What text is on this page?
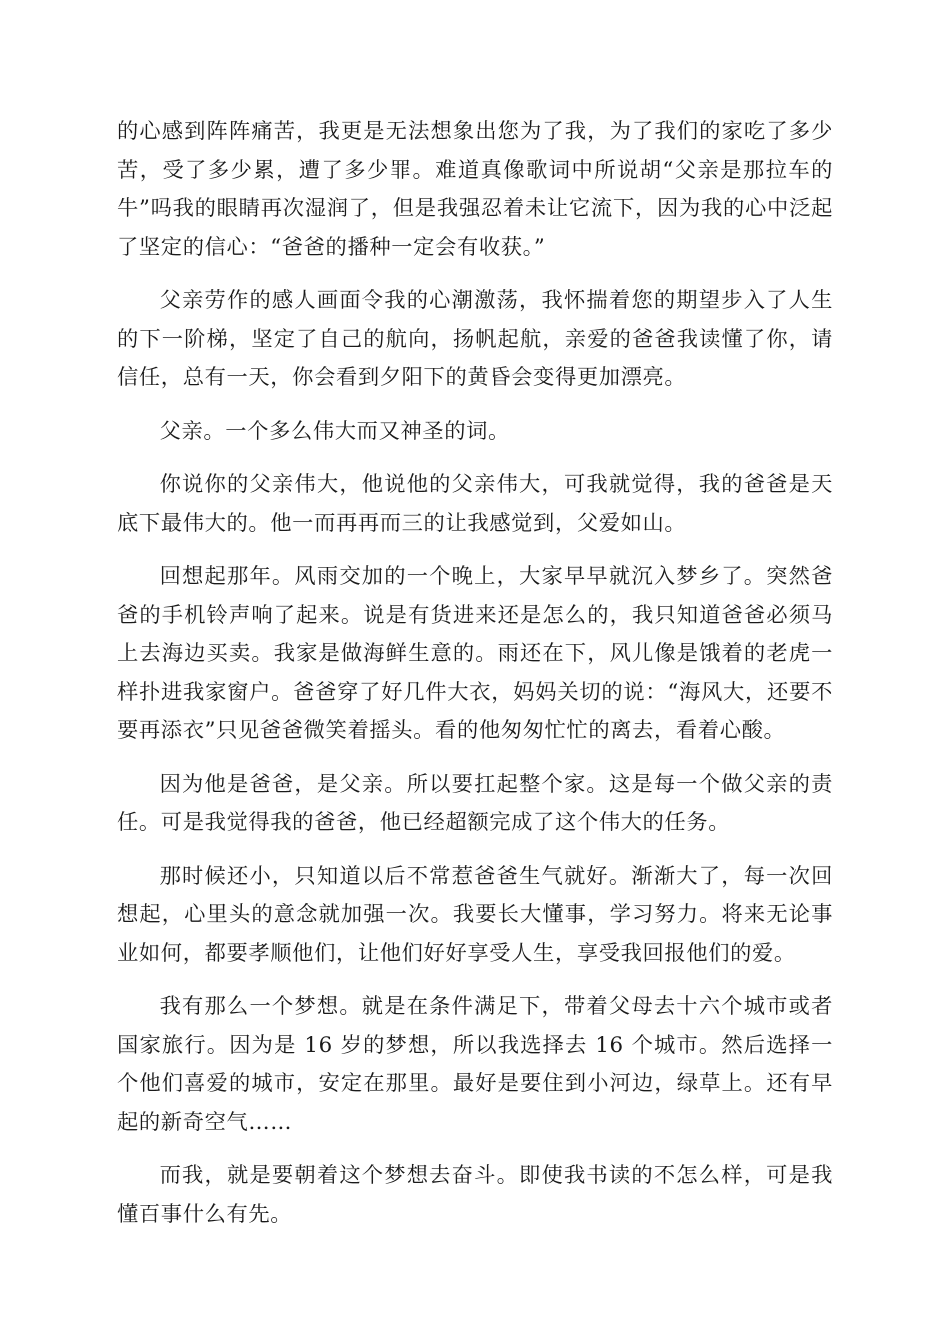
的心感到阵阵痛苦，我更是无法想象出您为了我，为了我们的家吃了多少苦，受了多少累，遭了多少罪。难道真像歌词中所说胡“父亲是那拉车的牛”吗我的眼睛再次湿润了，但是我强忍着未让它流下，因为我的心中泛起了坚定的信心：“爸爸的播种一定会有收获。”

父亲劳作的感人画面令我的心潮激荡，我怀揣着您的期望步入了人生的下一阶梯，坚定了自己的航向，扬帆起航，亲爱的爸爸我读懂了你，请信任，总有一天，你会看到夕阳下的黄昏会变得更加漂亮。

父亲。一个多么伟大而又神圣的词。

你说你的父亲伟大，他说他的父亲伟大，可我就觉得，我的爸爸是天底下最伟大的。他一而再再而三的让我感觉到，父爱如山。

回想起那年。风雨交加的一个晚上，大家早早就沉入梦乡了。突然爸爸的手机铃声响了起来。说是有货进来还是怎么的，我只知道爸爸必须马上去海边买卖。我家是做海鲜生意的。雨还在下，风儿像是饿着的老虎一样扑进我家窗户。爸爸穿了好几件大衣，妈妈关切的说：“海风大，还要不要再添衣”只见爸爸微笑着摇头。看的他匆匆忙忙的离去，看着心酸。

因为他是爸爸，是父亲。所以要扛起整个家。这是每一个做父亲的责任。可是我觉得我的爸爸，他已经超额完成了这个伟大的任务。

那时候还小，只知道以后不常惹爸爸生气就好。渐渐大了，每一次回想起，心里头的意念就加强一次。我要长大懂事，学习努力。将来无论事业如何，都要孝顺他们，让他们好好享受人生，享受我回报他们的爱。

我有那么一个梦想。就是在条件满足下，带着父母去十六个城市或者国家旅行。因为是 16 岁的梦想，所以我选择去 16 个城市。然后选择一个他们喜爱的城市，安定在那里。最好是要住到小河边，绿草上。还有早起的新奇空气……

而我，就是要朝着这个梦想去奋斗。即使我书读的不怎么样，可是我懂百事什么有先。
